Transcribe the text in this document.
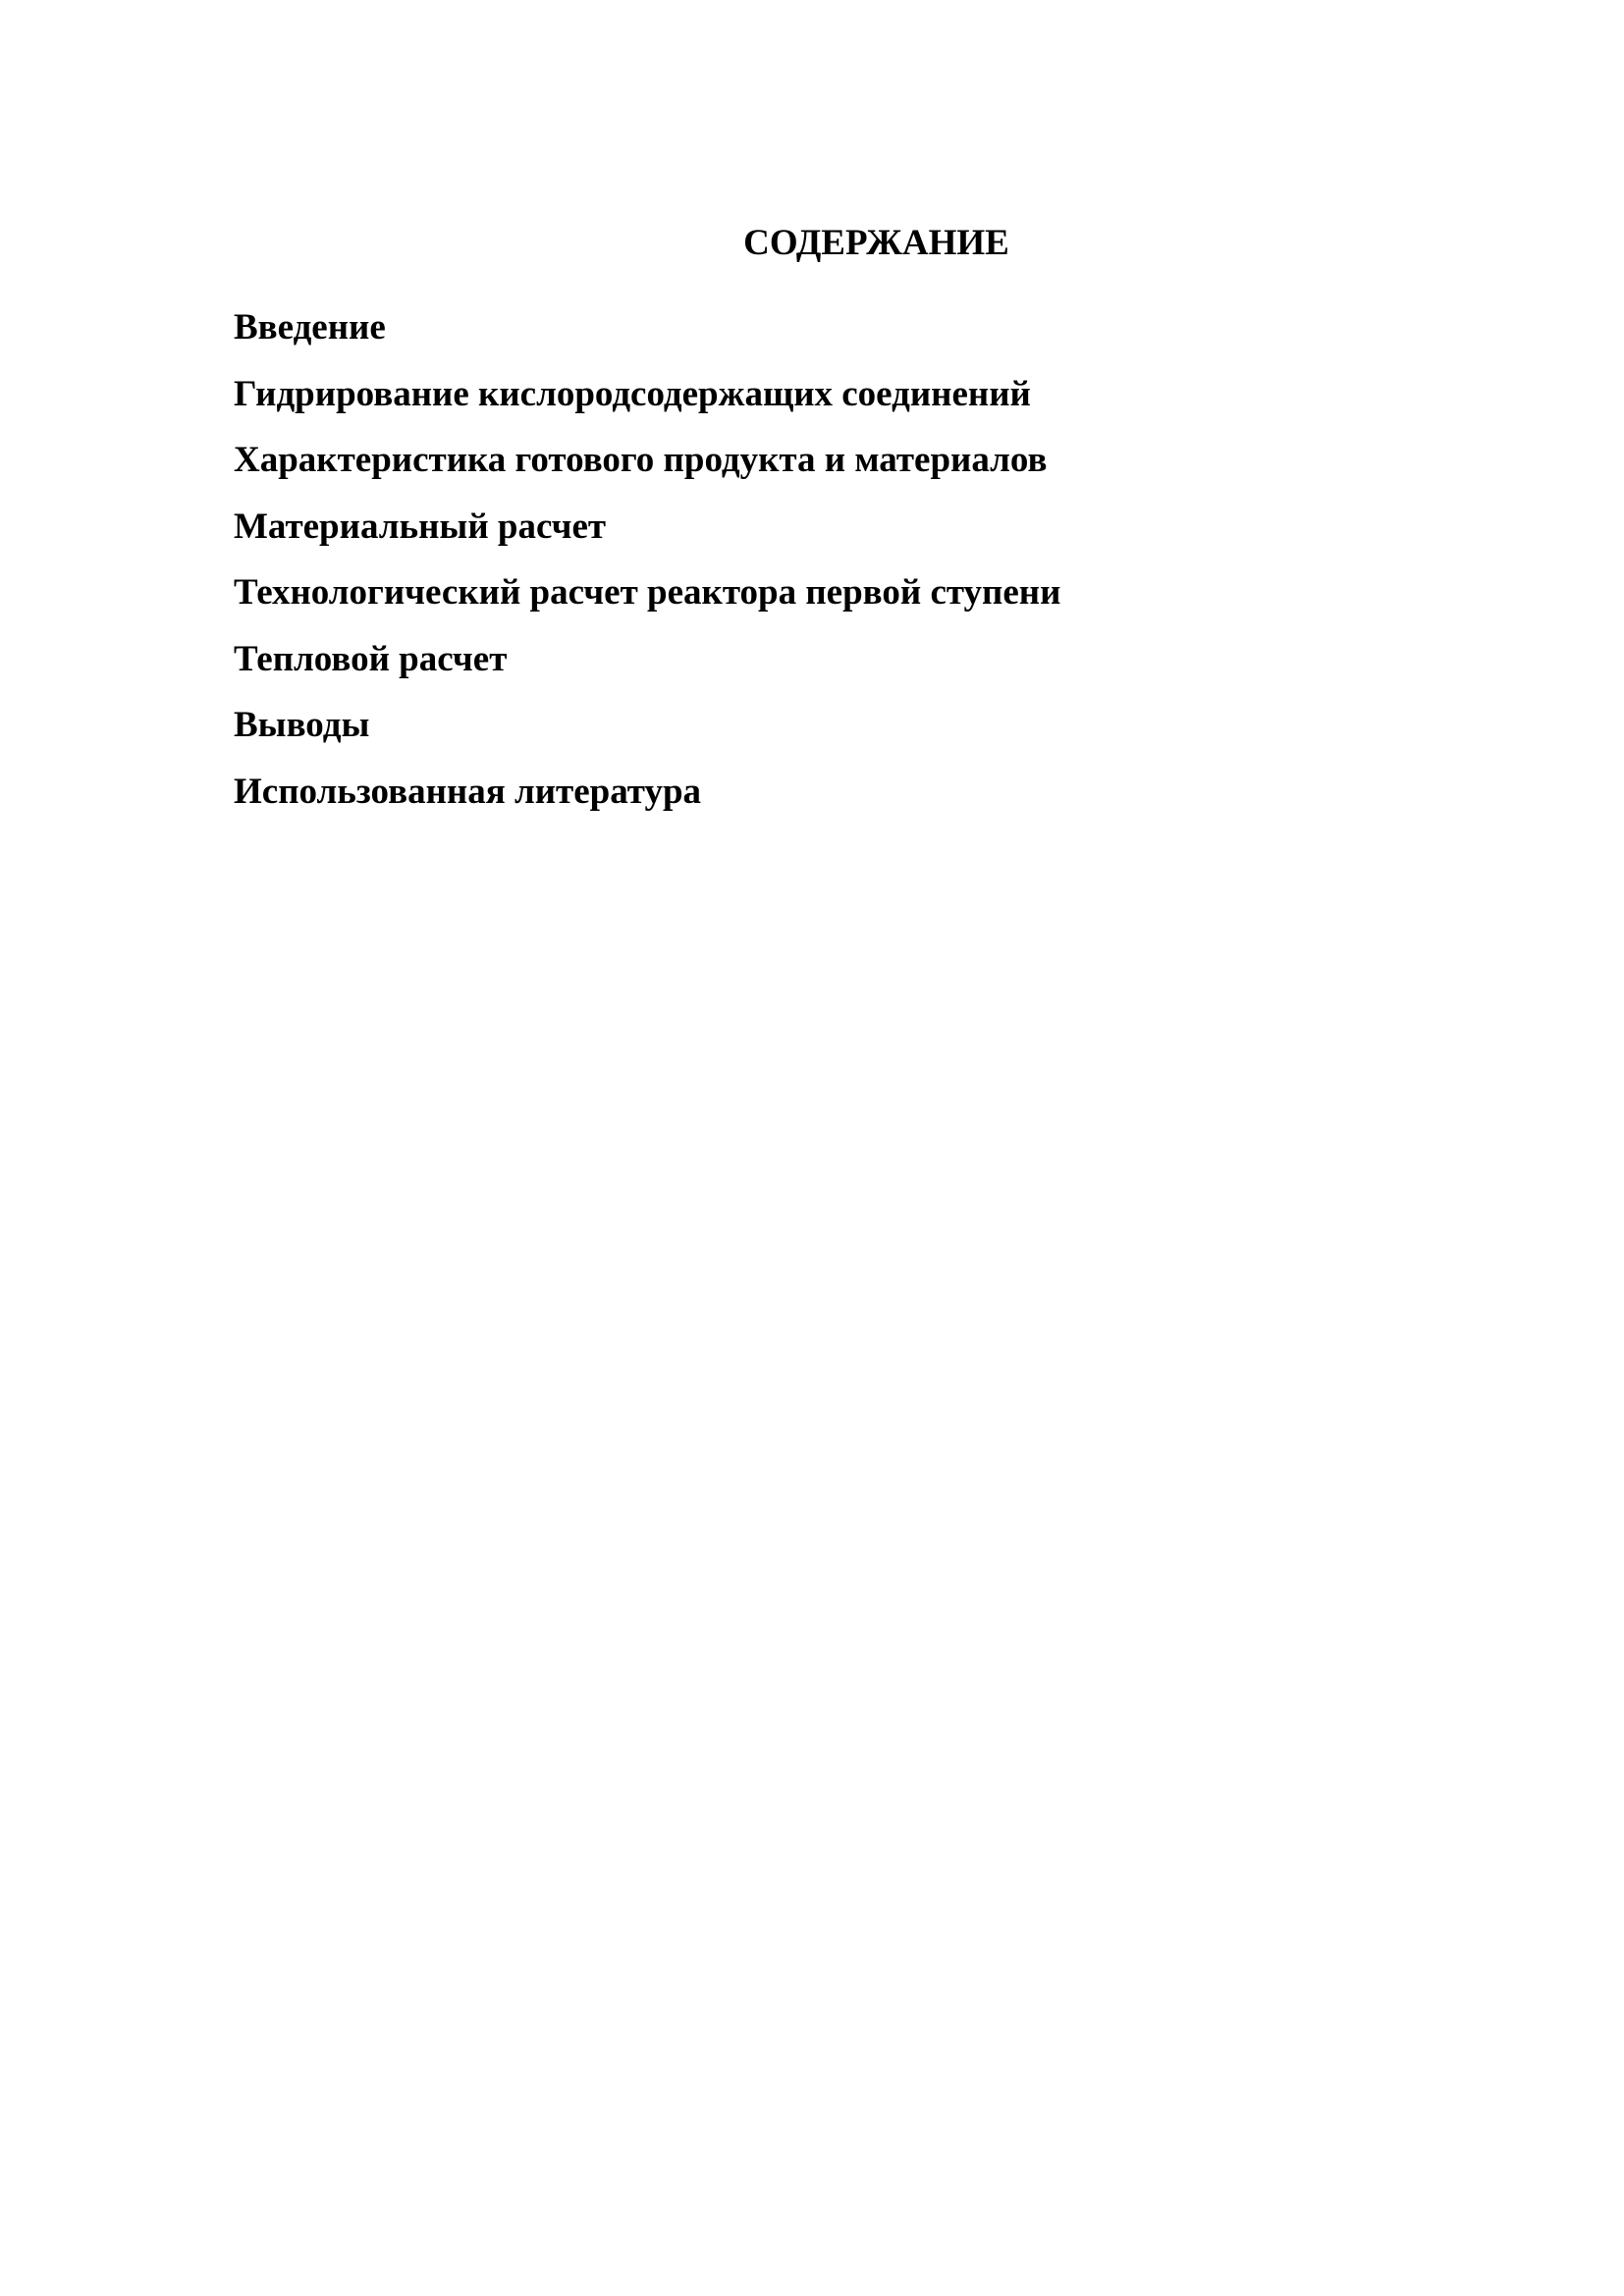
СОДЕРЖАНИЕ
Введение
Гидрирование кислородсодержащих соединений
Характеристика готового продукта и материалов
Материальный расчет
Технологический расчет реактора первой ступени
Тепловой расчет
Выводы
Использованная литература
